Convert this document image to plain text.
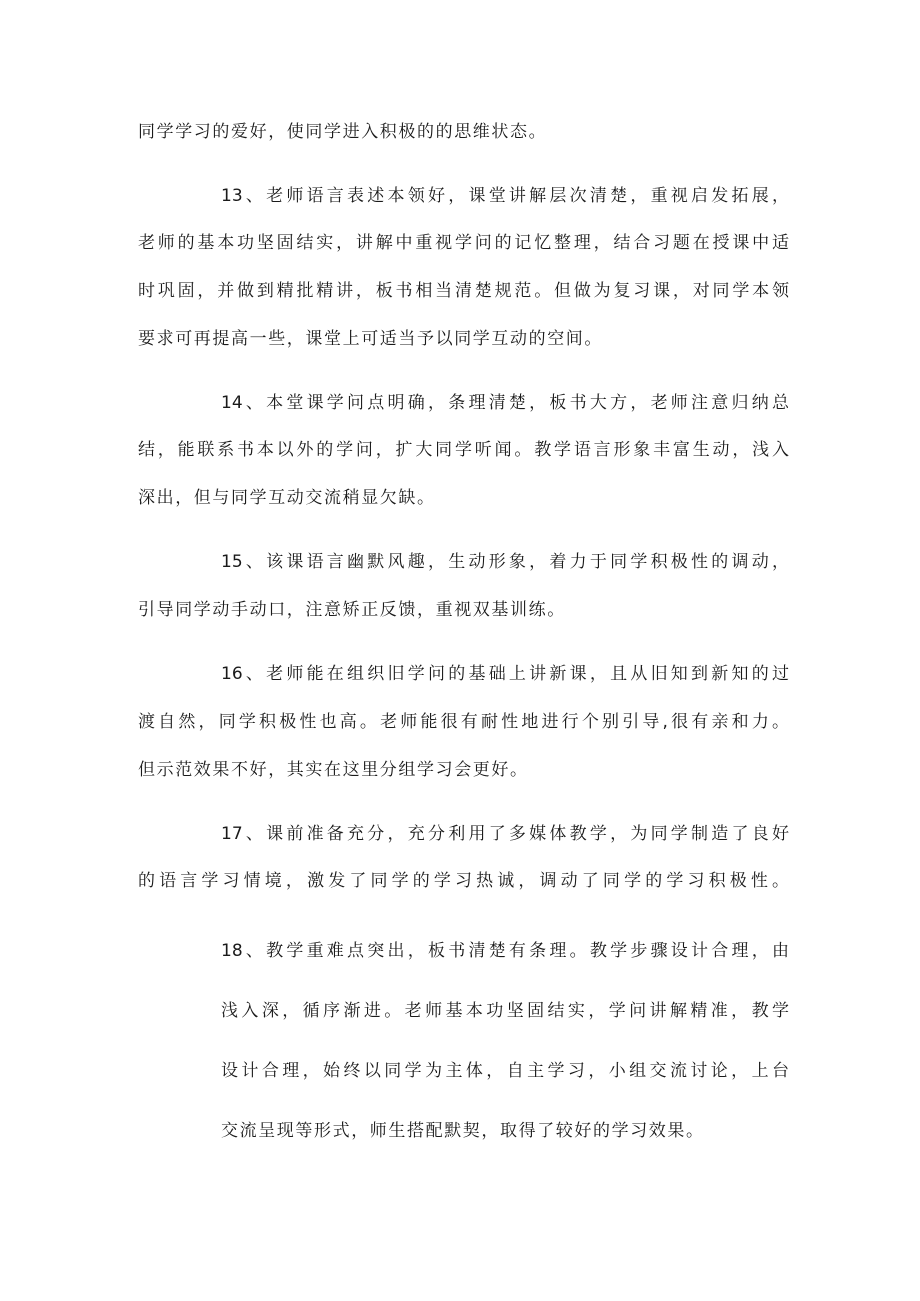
同学学习的爱好，使同学进入积极的的思维状态。
13、老师语言表述本领好，课堂讲解层次清楚，重视启发拓展，
老师的基本功坚固结实，讲解中重视学问的记忆整理，结合习题在授课中适
时巩固，并做到精批精讲，板书相当清楚规范。但做为复习课，对同学本领
要求可再提高一些，课堂上可适当予以同学互动的空间。
14、本堂课学问点明确，条理清楚，板书大方，老师注意归纳总
结，能联系书本以外的学问，扩大同学听闻。教学语言形象丰富生动，浅入
深出，但与同学互动交流稍显欠缺。
15、该课语言幽默风趣，生动形象，着力于同学积极性的调动，
引导同学动手动口，注意矫正反馈，重视双基训练。
16、老师能在组织旧学问的基础上讲新课，且从旧知到新知的过
渡自然，同学积极性也高。老师能很有耐性地进行个别引导,很有亲和力。
但示范效果不好，其实在这里分组学习会更好。
17、课前准备充分，充分利用了多媒体教学，为同学制造了良好
的语言学习情境，激发了同学的学习热诚，调动了同学的学习积极性。
18、教学重难点突出，板书清楚有条理。教学步骤设计合理，由
浅入深，循序渐进。老师基本功坚固结实，学问讲解精准，教学
设计合理，始终以同学为主体，自主学习，小组交流讨论，上台
交流呈现等形式，师生搭配默契，取得了较好的学习效果。
